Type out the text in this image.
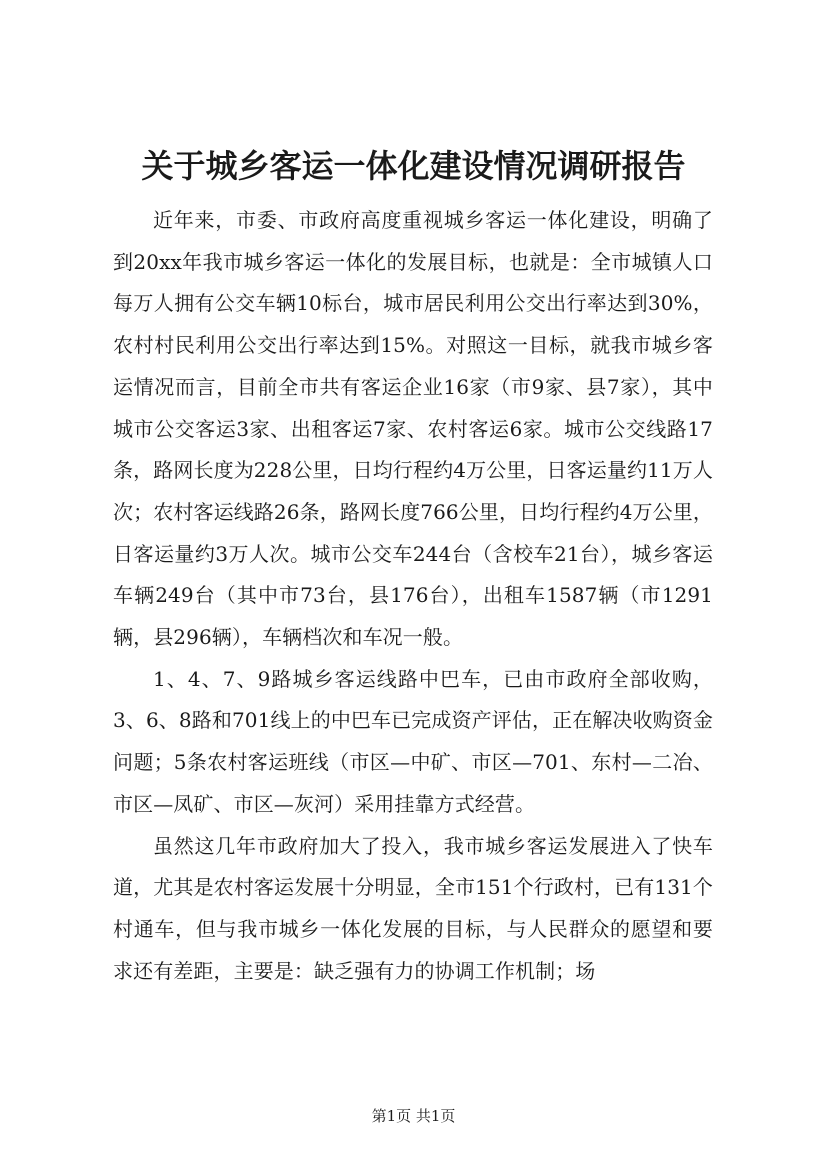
关于城乡客运一体化建设情况调研报告

近年来，市委、市政府高度重视城乡客运一体化建设，明确了到20xx年我市城乡客运一体化的发展目标，也就是：全市城镇人口每万人拥有公交车辆10标台，城市居民利用公交出行率达到30%，农村村民利用公交出行率达到15%。对照这一目标，就我市城乡客运情况而言，目前全市共有客运企业16家（市9家、县7家），其中城市公交客运3家、出租客运7家、农村客运6家。城市公交线路17条，路网长度为228公里，日均行程约4万公里，日客运量约11万人次；农村客运线路26条，路网长度766公里，日均行程约4万公里，日客运量约3万人次。城市公交车244台（含校车21台），城乡客运车辆249台（其中市73台，县176台），出租车1587辆（市1291辆，县296辆），车辆档次和车况一般。

1、4、7、9路城乡客运线路中巴车，已由市政府全部收购，3、6、8路和701线上的中巴车已完成资产评估，正在解决收购资金问题；5条农村客运班线（市区—中矿、市区—701、东村—二冶、市区—凤矿、市区—灰河）采用挂靠方式经营。

虽然这几年市政府加大了投入，我市城乡客运发展进入了快车道，尤其是农村客运发展十分明显，全市151个行政村，已有131个村通车，但与我市城乡一体化发展的目标，与人民群众的愿望和要求还有差距，主要是：缺乏强有力的协调工作机制；场

第1页 共1页
